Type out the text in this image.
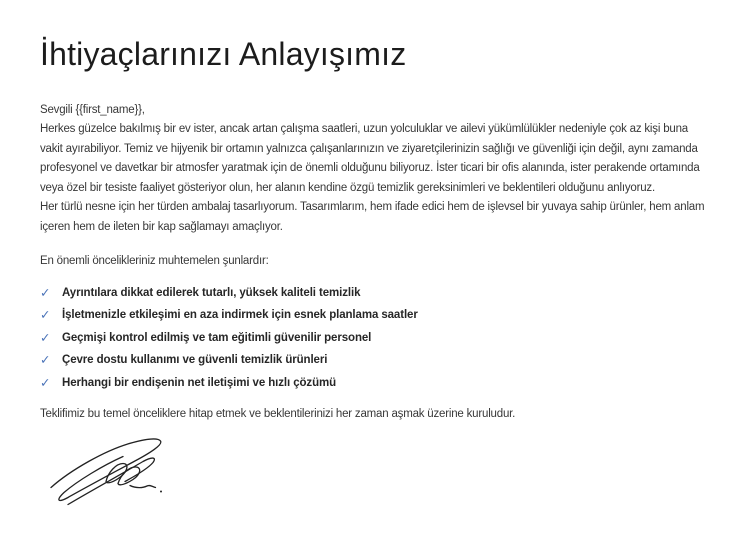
İhtiyaçlarınızı Anlayışımız

Sevgili {{first_name}},

Herkes güzelce bakılmış bir ev ister, ancak artan çalışma saatleri, uzun yolculuklar ve ailevi yükümlülükler nedeniyle çok az kişi buna vakit ayırabiliyor. Temiz ve hijyenik bir ortamın yalnızca çalışanlarınızın ve ziyaretçilerinizin sağlığı ve güvenliği için değil, aynı zamanda profesyonel ve davetkar bir atmosfer yaratmak için de önemli olduğunu biliyoruz. İster ticari bir ofis alanında, ister perakende ortamında veya özel bir tesiste faaliyet gösteriyor olun, her alanın kendine özgü temizlik gereksinimleri ve beklentileri olduğunu anlıyoruz.

Her türlü nesne için her türden ambalaj tasarlıyorum. Tasarımlarım, hem ifade edici hem de işlevsel bir yuvaya sahip ürünler, hem anlam içeren hem de ileten bir kap sağlamayı amaçlıyor.

En önemli öncelikleriniz muhtemelen şunlardır:

✓	Ayrıntılara dikkat edilerek tutarlı, yüksek kaliteli temizlik
✓	İşletmenizle etkileşimi en aza indirmek için esnek planlama saatler
✓	Geçmişi kontrol edilmiş ve tam eğitimli güvenilir personel
✓	Çevre dostu kullanımı ve güvenli temizlik ürünleri
✓	Herhangi bir endişenin net iletişimi ve hızlı çözümü

Teklifimiz bu temel önceliklere hitap etmek ve beklentilerinizi her zaman aşmak üzerine kuruludur.
